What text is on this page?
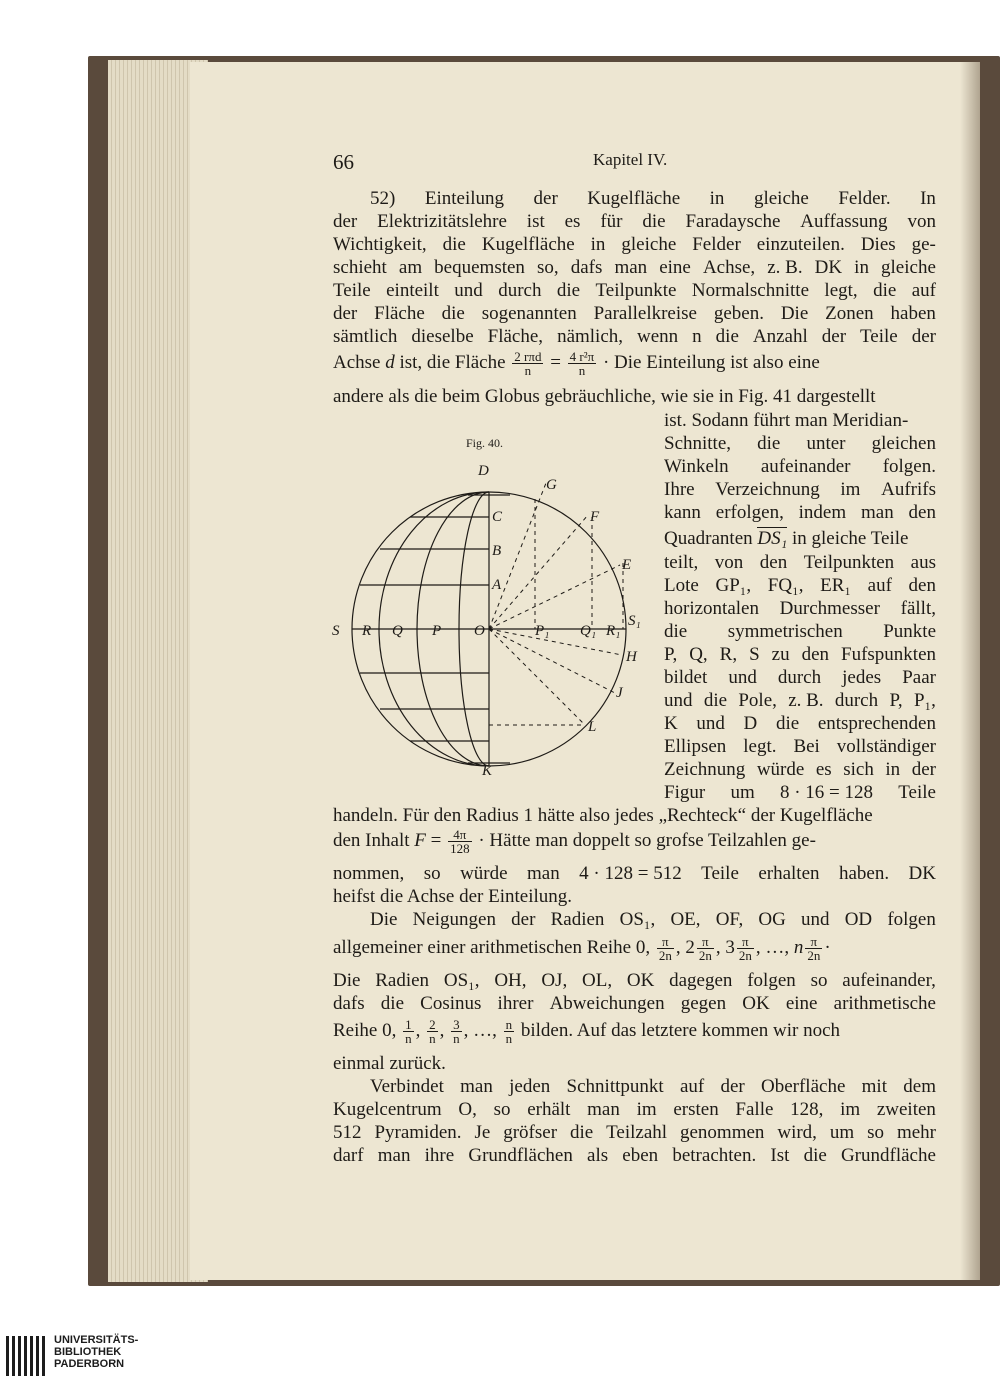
66	Kapitel IV.
52) Einteilung der Kugelfläche in gleiche Felder. In
der Elektrizitätslehre ist es für die Faradaysche Auffassung von
Wichtigkeit, die Kugelfläche in gleiche Felder einzuteilen. Dies ge-
schieht am bequemsten so, dafs man eine Achse, z. B. DK in gleiche
Teile einteilt und durch die Teilpunkte Normalschnitte legt, die auf
der Fläche die sogenannten Parallelkreise geben. Die Zonen haben
sämtlich dieselbe Fläche, nämlich, wenn n die Anzahl der Teile der
Achse d ist, die Fläche $\frac{\text{2 rπd}}{n} = \frac{\text{4 r²π}}{n}$ · Die Einteilung ist also eine
andere als die beim Globus gebräuchliche, wie sie in Fig. 41 dargestellt
ist. Sodann führt man Meridian-
Schnitte, die unter gleichen
Winkeln aufeinander folgen.
Ihre Verzeichnung im Aufrifs
kann erfolgen, indem man den
Quadranten DS₁ in gleiche Teile
teilt, von den Teilpunkten aus
Lote GP₁, FQ₁, ER₁ auf den
horizontalen Durchmesser fällt,
die symmetrischen Punkte
P, Q, R, S zu den Fufspunkten
bildet und durch jedes Paar
und die Pole, z. B. durch P, P₁,
K und D die entsprechenden
Ellipsen legt. Bei vollständiger
Zeichnung würde es sich in der
Figur um 8 · 16 = 128 Teile
handeln. Für den Radius 1 hätte also jedes „Rechteck“ der Kugelfläche
den Inhalt $F = \frac{4\pi}{128}$ · Hätte man doppelt so grofse Teilzahlen ge-
nommen, so würde man 4 · 128 = 512 Teile erhalten haben. DK
heifst die Achse der Einteilung.
Die Neigungen der Radien OS₁, OE, OF, OG und OD folgen
allgemeiner einer arithmetischen Reihe 0, $\frac{\pi}{2n}$ , $2 \frac{\pi}{2n}$ , $3 \frac{\pi}{2n}$ , …, n $\frac{\pi}{2n}$ ·
Die Radien OS₁, OH, OJ, OL, OK dagegen folgen so aufeinander,
dafs die Cosinus ihrer Abweichungen gegen OK eine arithmetische
Reihe 0, $\frac{1}{n}$ , $\frac{2}{n}$ , $\frac{3}{n}$ , …, $\frac{n}{n}$ bilden. Auf das letztere kommen wir noch
einmal zurück.
Verbindet man jeden Schnittpunkt auf der Oberfläche mit dem
Kugelcentrum O, so erhält man im ersten Falle 128, im zweiten
512 Pyramiden. Je gröfser die Teilzahl genommen wird, um so mehr
darf man ihre Grundflächen als eben betrachten. Ist die Grundfläche
Fig. 40.
D
G
F
C
B
E
A
S R Q P O	P₁ Q₁ R₁
S₁
H
J
L
K
UNIVERSITÄTS-
BIBLIOTHEK
PADERBORN
